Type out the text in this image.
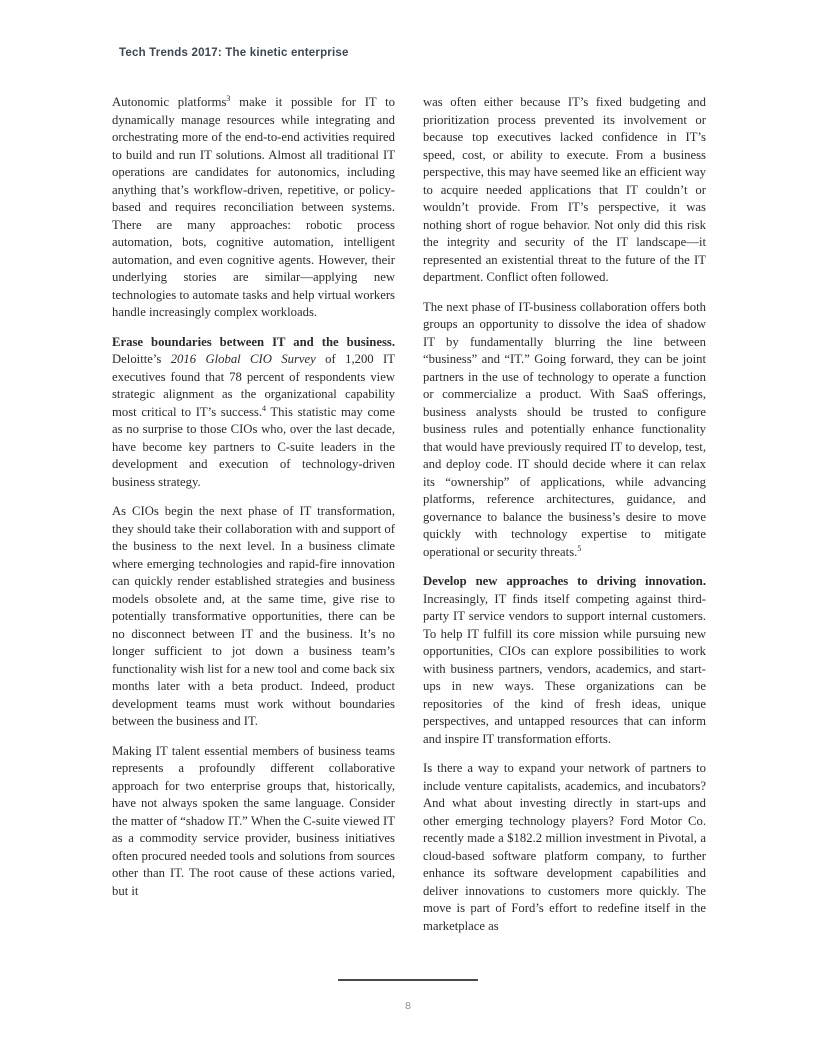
Tech Trends 2017: The kinetic enterprise

Autonomic platforms$^3$ make it possible for IT to dynamically manage resources while integrating and orchestrating more of the end-to-end activities required to build and run IT solutions. Almost all traditional IT operations are candidates for autonomics, including anything that’s workflow-driven, repetitive, or policy-based and requires reconciliation between systems. There are many approaches: robotic process automation, bots, cognitive automation, intelligent automation, and even cognitive agents. However, their underlying stories are similar—applying new technologies to automate tasks and help virtual workers handle increasingly complex workloads.

Erase boundaries between IT and the business. Deloitte’s 2016 Global CIO Survey of 1,200 IT executives found that 78 percent of respondents view strategic alignment as the organizational capability most critical to IT’s success.$^4$ This statistic may come as no surprise to those CIOs who, over the last decade, have become key partners to C-suite leaders in the development and execution of technology-driven business strategy.

As CIOs begin the next phase of IT transformation, they should take their collaboration with and support of the business to the next level. In a business climate where emerging technologies and rapid-fire innovation can quickly render established strategies and business models obsolete and, at the same time, give rise to potentially transformative opportunities, there can be no disconnect between IT and the business. It’s no longer sufficient to jot down a business team’s functionality wish list for a new tool and come back six months later with a beta product. Indeed, product development teams must work without boundaries between the business and IT.

Making IT talent essential members of business teams represents a profoundly different collaborative approach for two enterprise groups that, historically, have not always spoken the same language. Consider the matter of “shadow IT.” When the C-suite viewed IT as a commodity service provider, business initiatives often procured needed tools and solutions from sources other than IT. The root cause of these actions varied, but it

was often either because IT’s fixed budgeting and prioritization process prevented its involvement or because top executives lacked confidence in IT’s speed, cost, or ability to execute. From a business perspective, this may have seemed like an efficient way to acquire needed applications that IT couldn’t or wouldn’t provide. From IT’s perspective, it was nothing short of rogue behavior. Not only did this risk the integrity and security of the IT landscape—it represented an existential threat to the future of the IT department. Conflict often followed.

The next phase of IT-business collaboration offers both groups an opportunity to dissolve the idea of shadow IT by fundamentally blurring the line between “business” and “IT.” Going forward, they can be joint partners in the use of technology to operate a function or commercialize a product. With SaaS offerings, business analysts should be trusted to configure business rules and potentially enhance functionality that would have previously required IT to develop, test, and deploy code. IT should decide where it can relax its “ownership” of applications, while advancing platforms, reference architectures, guidance, and governance to balance the business’s desire to move quickly with technology expertise to mitigate operational or security threats.$^5$

Develop new approaches to driving innovation. Increasingly, IT finds itself competing against third-party IT service vendors to support internal customers. To help IT fulfill its core mission while pursuing new opportunities, CIOs can explore possibilities to work with business partners, vendors, academics, and start-ups in new ways. These organizations can be repositories of the kind of fresh ideas, unique perspectives, and untapped resources that can inform and inspire IT transformation efforts.

Is there a way to expand your network of partners to include venture capitalists, academics, and incubators? And what about investing directly in start-ups and other emerging technology players? Ford Motor Co. recently made a $182.2 million investment in Pivotal, a cloud-based software platform company, to further enhance its software development capabilities and deliver innovations to customers more quickly. The move is part of Ford’s effort to redefine itself in the marketplace as

8
